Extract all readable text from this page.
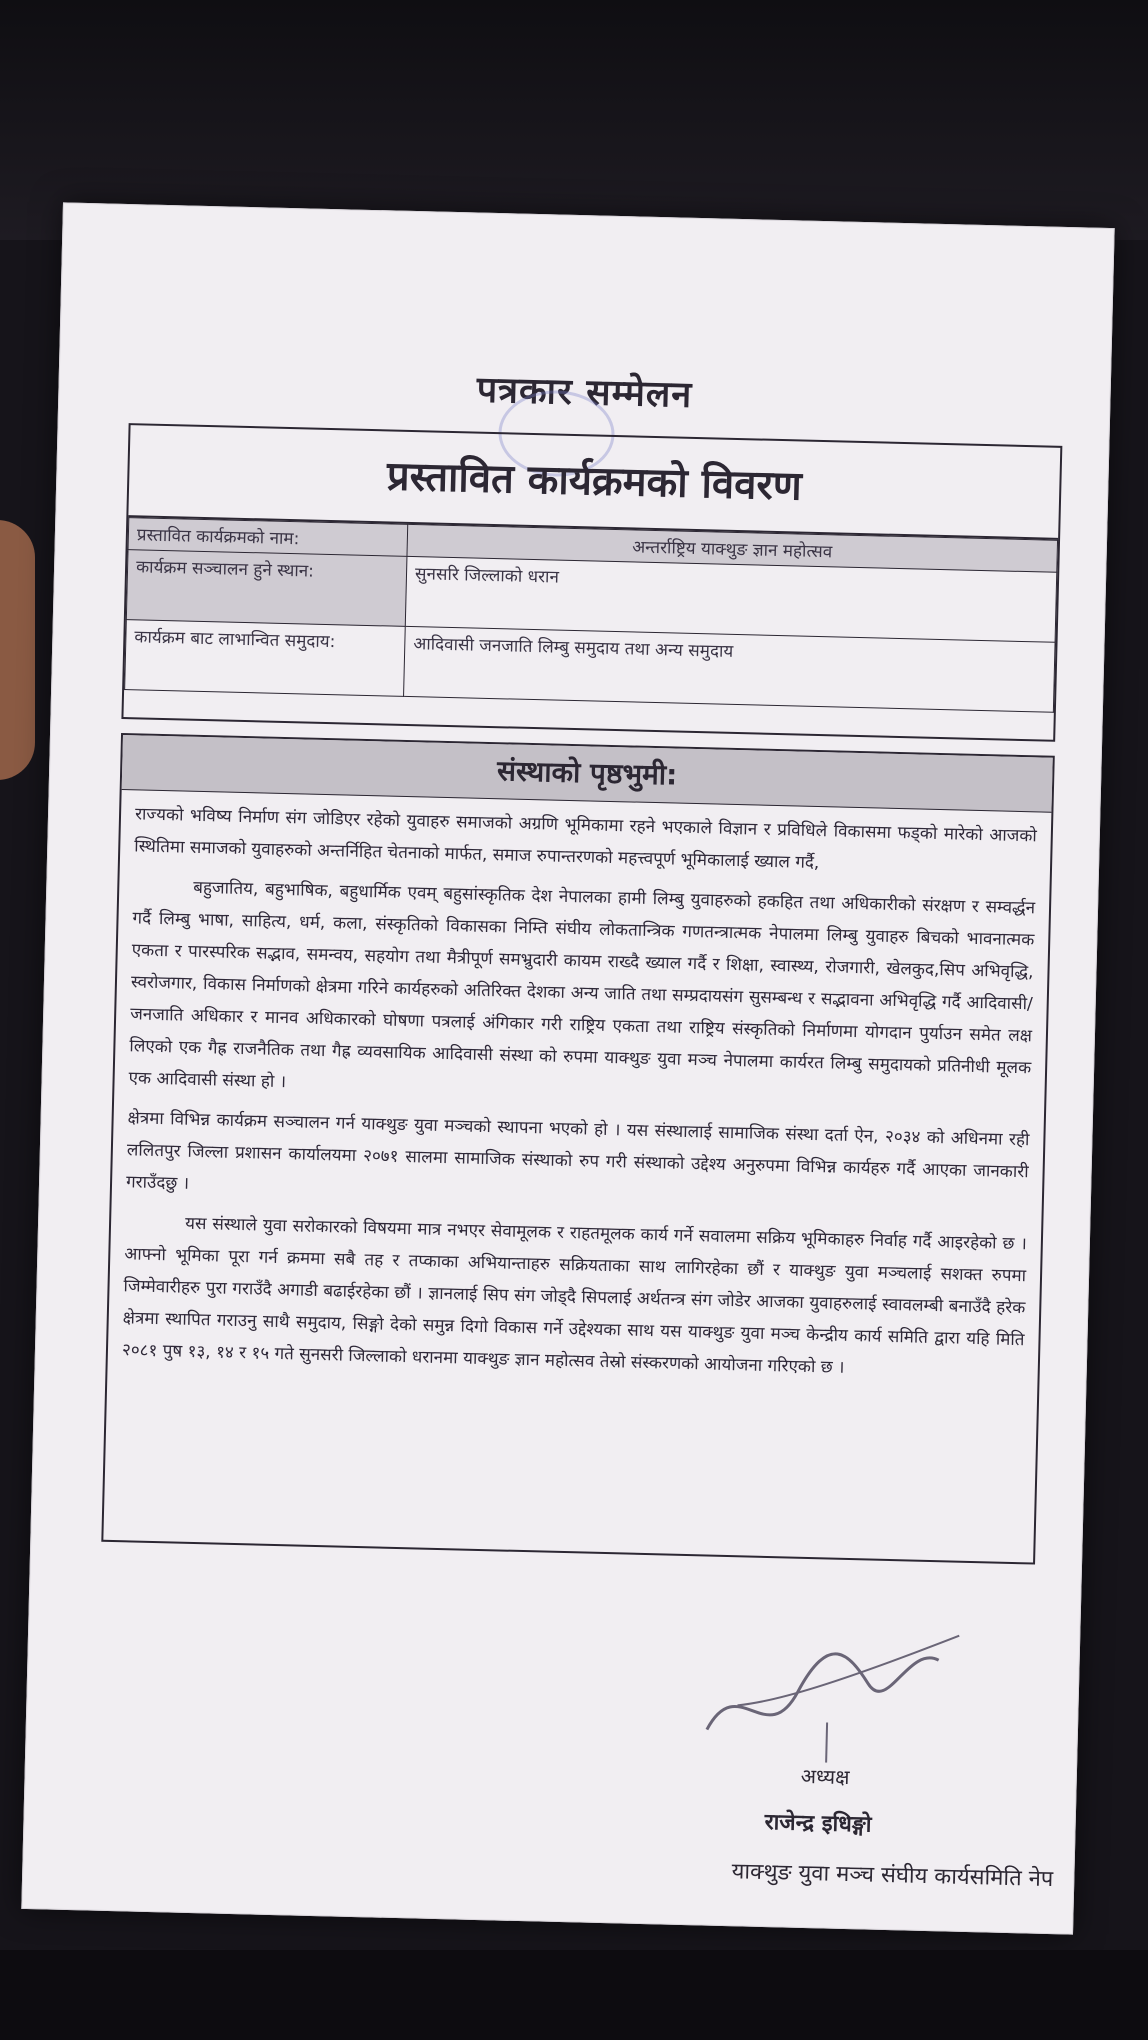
पत्रकार सम्मेलन
प्रस्तावित कार्यक्रमको विवरण
प्रस्तावित कार्यक्रमको नाम:	अन्तर्राष्ट्रिय याक्थुङ ज्ञान महोत्सव
कार्यक्रम सञ्चालन हुने स्थान:	सुनसरि जिल्लाको धरान
कार्यक्रम बाट लाभान्वित समुदाय:	आदिवासी जनजाति लिम्बु समुदाय तथा अन्य समुदाय
संस्थाको पृष्ठभुमी:

राज्यको भविष्य निर्माण संग जोडिएर रहेको युवाहरु समाजको अग्रणि भूमिकामा रहने भएकाले विज्ञान र प्रविधिले विकासमा फड्को मारेको आजको स्थितिमा समाजको युवाहरुको अन्तर्निहित चेतनाको मार्फत, समाज रुपान्तरणको महत्त्वपूर्ण भूमिकालाई ख्याल गर्दै,

बहुजातिय, बहुभाषिक, बहुधार्मिक एवम् बहुसांस्कृतिक देश नेपालका हामी लिम्बु युवाहरुको हकहित तथा अधिकारीको संरक्षण र सम्वर्द्धन गर्दै लिम्बु भाषा, साहित्य, धर्म, कला, संस्कृतिको विकासका निम्ति संघीय लोकतान्त्रिक गणतन्त्रात्मक नेपालमा लिम्बु युवाहरु बिचको भावनात्मक एकता र पारस्परिक सद्भाव, समन्वय, सहयोग तथा मैत्रीपूर्ण समभ्रुदारी कायम राख्दै ख्याल गर्दै र शिक्षा, स्वास्थ्य, रोजगारी, खेलकुद,सिप अभिवृद्धि, स्वरोजगार, विकास निर्माणको क्षेत्रमा गरिने कार्यहरुको अतिरिक्त देशका अन्य जाति तथा सम्प्रदायसंग सुसम्बन्ध र सद्भावना अभिवृद्धि गर्दै आदिवासी/जनजाति अधिकार र मानव अधिकारको घोषणा पत्रलाई अंगिकार गरी राष्ट्रिय एकता तथा राष्ट्रिय संस्कृतिको निर्माणमा योगदान पुर्याउन समेत लक्ष लिएको एक गैह्र राजनैतिक तथा गैह्र व्यवसायिक आदिवासी संस्था को रुपमा याक्थुङ युवा मञ्च नेपालमा कार्यरत लिम्बु समुदायको प्रतिनीधी मूलक एक आदिवासी संस्था हो ।

क्षेत्रमा विभिन्न कार्यक्रम सञ्चालन गर्न याक्थुङ युवा मञ्चको स्थापना भएको हो । यस संस्थालाई सामाजिक संस्था दर्ता ऐन, २०३४ को अधिनमा रही ललितपुर जिल्ला प्रशासन कार्यालयमा २०७१ सालमा सामाजिक संस्थाको रुप गरी संस्थाको उद्देश्य अनुरुपमा विभिन्न कार्यहरु गर्दै आएका जानकारी गराउँदछु ।

यस संस्थाले युवा सरोकारको विषयमा मात्र नभएर सेवामूलक र राहतमूलक कार्य गर्ने सवालमा सक्रिय भूमिकाहरु निर्वाह गर्दै आइरहेको छ । आफ्नो भूमिका पूरा गर्न क्रममा सबै तह र तप्काका अभियान्ताहरु सक्रियताका साथ लागिरहेका छौं र याक्थुङ युवा मञ्चलाई सशक्त रुपमा जिम्मेवारीहरु पुरा गराउँदै अगाडी बढाईरहेका छौं । ज्ञानलाई सिप संग जोड्दै सिपलाई अर्थतन्त्र संग जोडेर आजका युवाहरुलाई स्वावलम्बी बनाउँदै हरेक क्षेत्रमा स्थापित गराउनु साथै समुदाय, सिङ्गो देको समुन्न दिगो विकास गर्ने उद्देश्यका साथ यस याक्थुङ युवा मञ्च केन्द्रीय कार्य समिति द्वारा यहि मिति २०८१ पुष १३, १४ र १५ गते सुनसरी जिल्लाको धरानमा याक्थुङ ज्ञान महोत्सव तेस्रो संस्करणको आयोजना गरिएको छ ।

अध्यक्ष
राजेन्द्र इधिङ्गो
याक्थुङ युवा मञ्च संघीय कार्यसमिति नेप
